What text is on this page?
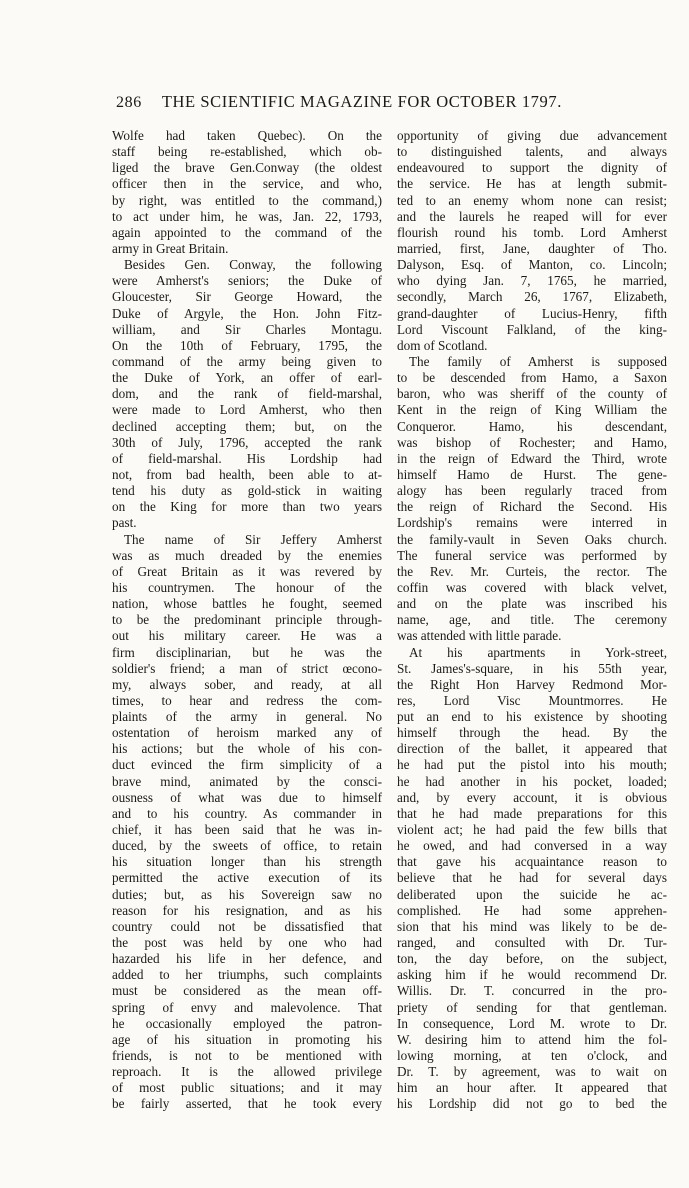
286 THE SCIENTIFIC MAGAZINE FOR OCTOBER 1797.
Wolfe had taken Quebec). On the
staff being re-established, which ob-
liged the brave Gen.Conway (the oldest
officer then in the service, and who,
by right, was entitled to the command,)
to act under him, he was, Jan. 22, 1793,
again appointed to the command of the
army in Great Britain.
Besides Gen. Conway, the following
were Amherst's seniors; the Duke of
Gloucester, Sir George Howard, the
Duke of Argyle, the Hon. John Fitz-
william, and Sir Charles Montagu.
On the 10th of February, 1795, the
command of the army being given to
the Duke of York, an offer of earl-
dom, and the rank of field-marshal,
were made to Lord Amherst, who then
declined accepting them; but, on the
30th of July, 1796, accepted the rank
of field-marshal. His Lordship had
not, from bad health, been able to at-
tend his duty as gold-stick in waiting
on the King for more than two years
past.
The name of Sir Jeffery Amherst
was as much dreaded by the enemies
of Great Britain as it was revered by
his countrymen. The honour of the
nation, whose battles he fought, seemed
to be the predominant principle through-
out his military career. He was a
firm disciplinarian, but he was the
soldier's friend; a man of strict œcono-
my, always sober, and ready, at all
times, to hear and redress the com-
plaints of the army in general. No
ostentation of heroism marked any of
his actions; but the whole of his con-
duct evinced the firm simplicity of a
brave mind, animated by the consci-
ousness of what was due to himself
and to his country. As commander in
chief, it has been said that he was in-
duced, by the sweets of office, to retain
his situation longer than his strength
permitted the active execution of its
duties; but, as his Sovereign saw no
reason for his resignation, and as his
country could not be dissatisfied that
the post was held by one who had
hazarded his life in her defence, and
added to her triumphs, such complaints
must be considered as the mean off-
spring of envy and malevolence. That
he occasionally employed the patron-
age of his situation in promoting his
friends, is not to be mentioned with
reproach. It is the allowed privilege
of most public situations; and it may
be fairly asserted, that he took every
opportunity of giving due advancement
to distinguished talents, and always
endeavoured to support the dignity of
the service. He has at length submit-
ted to an enemy whom none can resist;
and the laurels he reaped will for ever
flourish round his tomb. Lord Amherst
married, first, Jane, daughter of Tho.
Dalyson, Esq. of Manton, co. Lincoln;
who dying Jan. 7, 1765, he married,
secondly, March 26, 1767, Elizabeth,
grand-daughter of Lucius-Henry, fifth
Lord Viscount Falkland, of the king-
dom of Scotland.
The family of Amherst is supposed
to be descended from Hamo, a Saxon
baron, who was sheriff of the county of
Kent in the reign of King William the
Conqueror. Hamo, his descendant,
was bishop of Rochester; and Hamo,
in the reign of Edward the Third, wrote
himself Hamo de Hurst. The gene-
alogy has been regularly traced from
the reign of Richard the Second. His
Lordship's remains were interred in
the family-vault in Seven Oaks church.
The funeral service was performed by
the Rev. Mr. Curteis, the rector. The
coffin was covered with black velvet,
and on the plate was inscribed his
name, age, and title. The ceremony
was attended with little parade.
At his apartments in York-street,
St. James's-square, in his 55th year,
the Right Hon Harvey Redmond Mor-
res, Lord Visc Mountmorres. He
put an end to his existence by shooting
himself through the head. By the
direction of the ballet, it appeared that
he had put the pistol into his mouth;
he had another in his pocket, loaded;
and, by every account, it is obvious
that he had made preparations for this
violent act; he had paid the few bills that
he owed, and had conversed in a way
that gave his acquaintance reason to
believe that he had for several days
deliberated upon the suicide he ac-
complished. He had some apprehen-
sion that his mind was likely to be de-
ranged, and consulted with Dr. Tur-
ton, the day before, on the subject,
asking him if he would recommend Dr.
Willis. Dr. T. concurred in the pro-
priety of sending for that gentleman.
In consequence, Lord M. wrote to Dr.
W. desiring him to attend him the fol-
lowing morning, at ten o'clock, and
Dr. T. by agreement, was to wait on
him an hour after. It appeared that
his Lordship did not go to bed the
